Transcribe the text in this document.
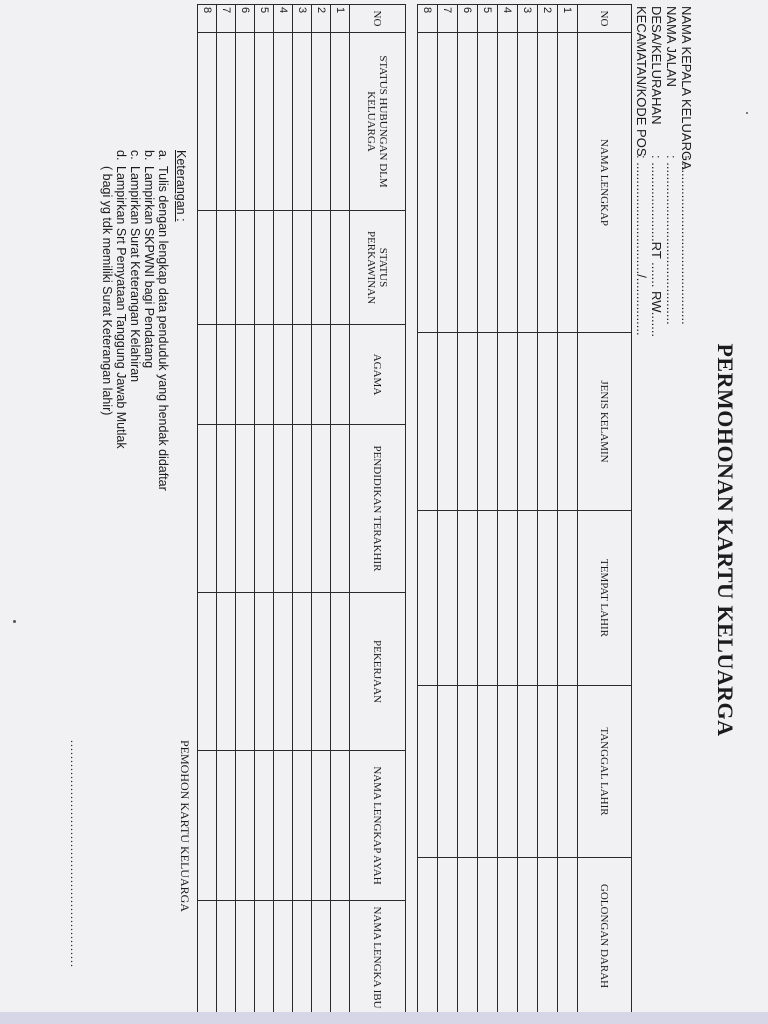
PERMOHONAN KARTU KELUARGA
NAMA KEPALA KELUARGA
: .............................................
NAMA JALAN
: .............................................
DESA/KELURAHAN
: ......................RT ....... RW.......
KECAMATAN/KODE POS
: .............................../................
NO	NAMA LENGKAP	JENIS KELAMIN	TEMPAT LAHIR	TANGGAL LAHIR	GOLONGAN DARAH
1					
2					
3					
4					
5					
6					
7					
8					
NO	STATUS HUBUNGAN DLM KELUARGA	STATUS PERKAWINAN	AGAMA	PENDIDIKAN TERAKHIR	PEKERJAAN	NAMA LENGKAP AYAH	NAMA LENGKA IBU
1							
2							
3							
4							
5							
6							
7							
8							
Keterangan :
a.
Tulis dengan lengkap data penduduk yang hendak didaftar
b.
Lampirkan SKPWNI bagi Pendatang
c.
Lampirkan Surat Keterangan Kelahiran
d.
Lampirkan Srt Pemyataan Tanggung Jawab Mutlak
( bagi yg tdk memiliki Surat Keterangan lahir)
PEMOHON KARTU KELUARGA
.........................................................
